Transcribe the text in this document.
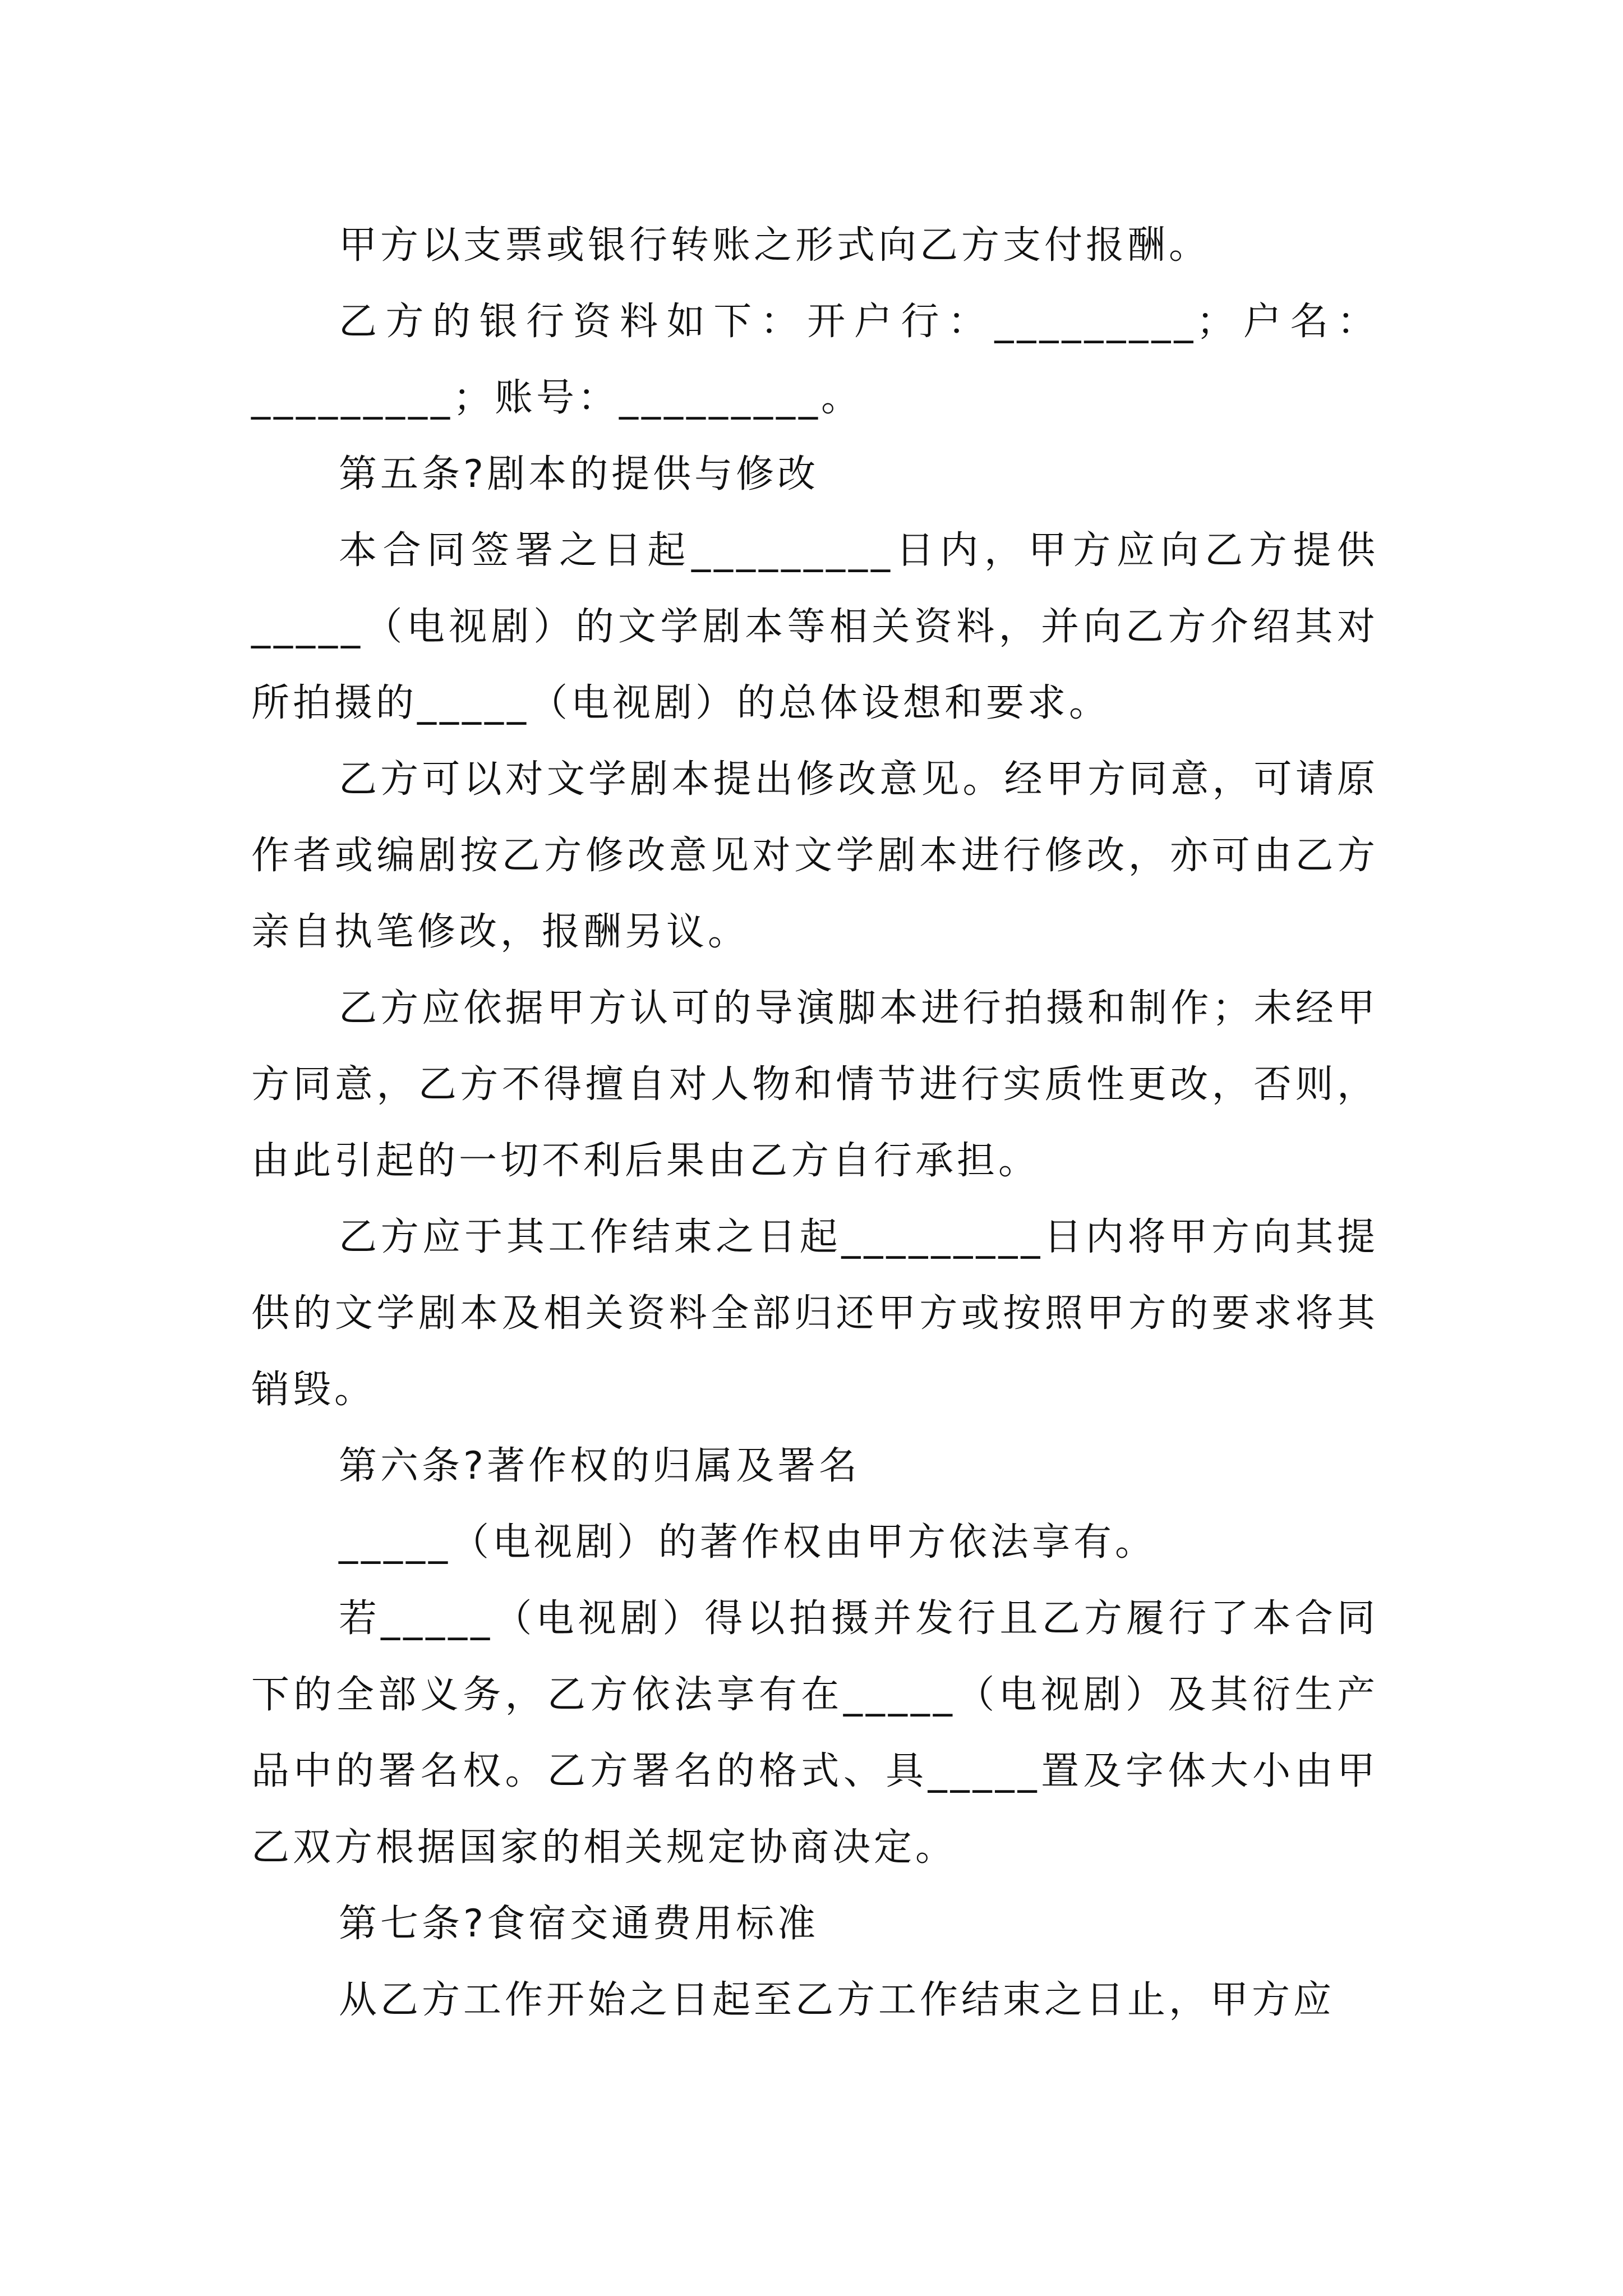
甲方以支票或银行转账之形式向乙方支付报酬。

乙方的银行资料如下：开户行：_________；户名：_________；账号：_________。

第五条?剧本的提供与修改

本合同签署之日起_________日内，甲方应向乙方提供_____（电视剧）的文学剧本等相关资料，并向乙方介绍其对所拍摄的_____（电视剧）的总体设想和要求。

乙方可以对文学剧本提出修改意见。经甲方同意，可请原作者或编剧按乙方修改意见对文学剧本进行修改，亦可由乙方亲自执笔修改，报酬另议。

乙方应依据甲方认可的导演脚本进行拍摄和制作；未经甲方同意，乙方不得擅自对人物和情节进行实质性更改，否则，由此引起的一切不利后果由乙方自行承担。

乙方应于其工作结束之日起_________日内将甲方向其提供的文学剧本及相关资料全部归还甲方或按照甲方的要求将其销毁。

第六条?著作权的归属及署名

_____（电视剧）的著作权由甲方依法享有。

若_____（电视剧）得以拍摄并发行且乙方履行了本合同下的全部义务，乙方依法享有在_____（电视剧）及其衍生产品中的署名权。乙方署名的格式、具_____置及字体大小由甲乙双方根据国家的相关规定协商决定。

第七条?食宿交通费用标准

从乙方工作开始之日起至乙方工作结束之日止，甲方应
